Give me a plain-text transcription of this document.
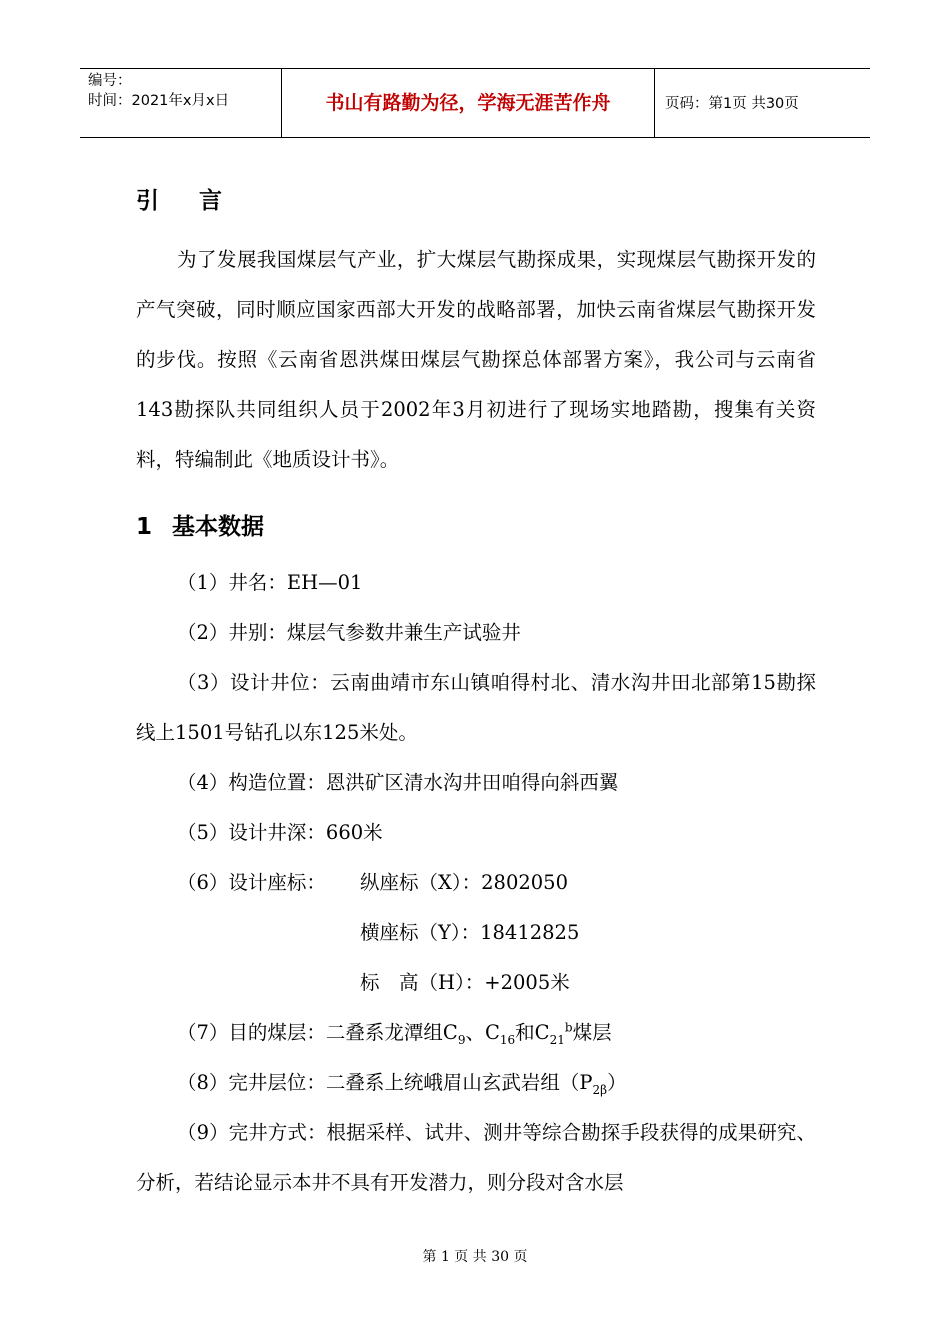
编号：
时间：2021年x月x日	书山有路勤为径，学海无涯苦作舟	页码：第1页 共30页
引 言
为了发展我国煤层气产业，扩大煤层气勘探成果，实现煤层气勘探开发的产气突破，同时顺应国家西部大开发的战略部署，加快云南省煤层气勘探开发的步伐。按照《云南省恩洪煤田煤层气勘探总体部署方案》，我公司与云南省143勘探队共同组织人员于2002年3月初进行了现场实地踏勘，搜集有关资料，特编制此《地质设计书》。
1 基本数据
（1）井名：EH—01
（2）井别：煤层气参数井兼生产试验井
（3）设计井位：云南曲靖市东山镇咱得村北、清水沟井田北部第15勘探线上1501号钻孔以东125米处。
（4）构造位置：恩洪矿区清水沟井田咱得向斜西翼
（5）设计井深：660米
（6）设计座标： 纵座标（X）：2802050
横座标（Y）：18412825
标　高（H）：+2005米
（7）目的煤层：二叠系龙潭组$C_9$、$C_{16}$和$C_{21}^b$煤层
（8）完井层位：二叠系上统峨眉山玄武岩组$(P_{2\beta})$
（9）完井方式：根据采样、试井、测井等综合勘探手段获得的成果研究、分析，若结论显示本井不具有开发潜力，则分段对含水层
第 1 页 共 30 页
